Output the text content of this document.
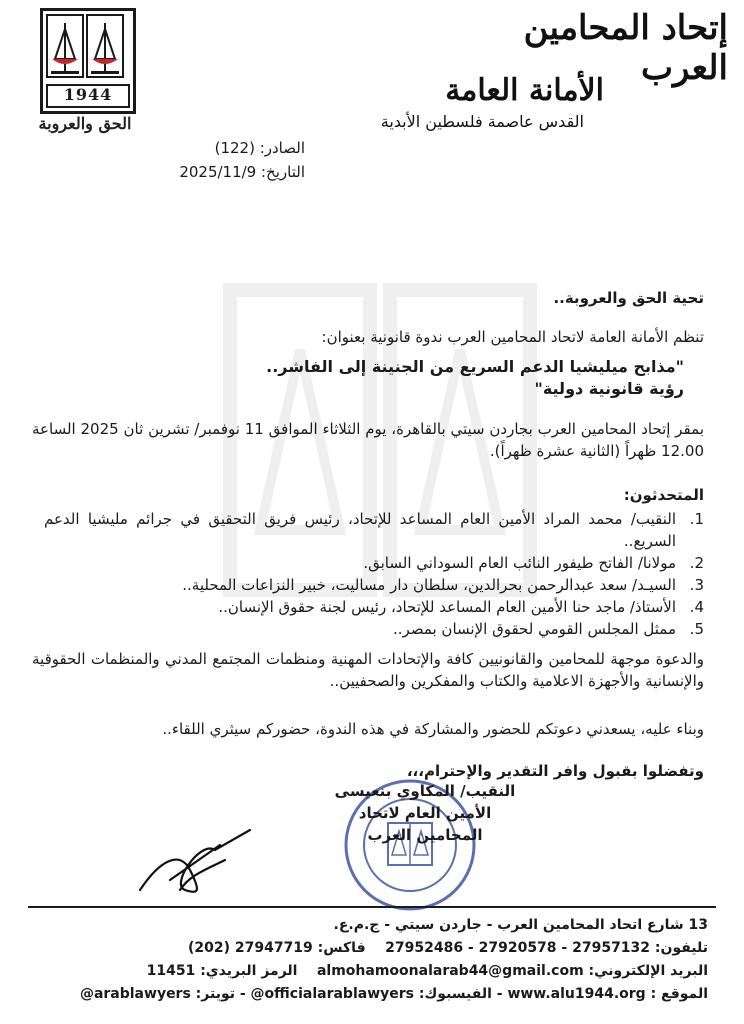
1944
الحق والعروبة
إتحاد المحامين العرب
الأمانة العامة
القدس عاصمة فلسطين الأبدية
الصادر: (122)
التاريخ: 2025/11/9
تحية الحق والعروبة..
تنظم الأمانة العامة لاتحاد المحامين العرب ندوة قانونية بعنوان:
"مذابح ميليشيا الدعم السريع من الجنينة إلى الفاشر..
رؤية قانونية دولية"
بمقر إتحاد المحامين العرب بجاردن سيتي بالقاهرة، يوم الثلاثاء الموافق 11 نوفمبر/ تشرين ثان 2025 الساعة 12.00 ظهراً (الثانية عشرة ظهراً).
المتحدثون:
1.
النقيب/ محمد المراد الأمين العام المساعد للإتحاد، رئيس فريق التحقيق في جرائم مليشيا الدعم السريع..
2.
مولانا/ الفاتح طيفور النائب العام السوداني السابق.
3.
السيـد/ سعد عبدالرحمن بحرالدين، سلطان دار مساليت، خبير النزاعات المحلية..
4.
الأستاذ/ ماجد حنا الأمين العام المساعد للإتحاد، رئيس لجنة حقوق الإنسان..
5.
ممثل المجلس القومي لحقوق الإنسان بمصر..
والدعوة موجهة للمحامين والقانونيين كافة والإتحادات المهنية ومنظمات المجتمع المدني والمنظمات الحقوقية والإنسانية والأجهزة الاعلامية والكتاب والمفكرين والصحفيين..
وبناء عليه، يسعدني دعوتكم للحضور والمشاركة في هذه الندوة، حضوركم سيثري اللقاء..
وتفضلوا بقبول وافر التقدير والإحترام،،،
النقيب/ المكاوي بنعيسى
الأمين العام لاتحاد المحامين العرب
13 شارع اتحاد المحامين العرب - جاردن سيتي - ج.م.ع.
تليفون: 27952486 - 27920578 - 27957132    فاكس: (202) 27947719
البريد الإلكتروني: almohamoonalarab44@gmail.com    الرمز البريدي: 11451
الموقع : www.alu1944.org - الفيسبوك: @officialarablawyers - تويتر: @arablawyers
